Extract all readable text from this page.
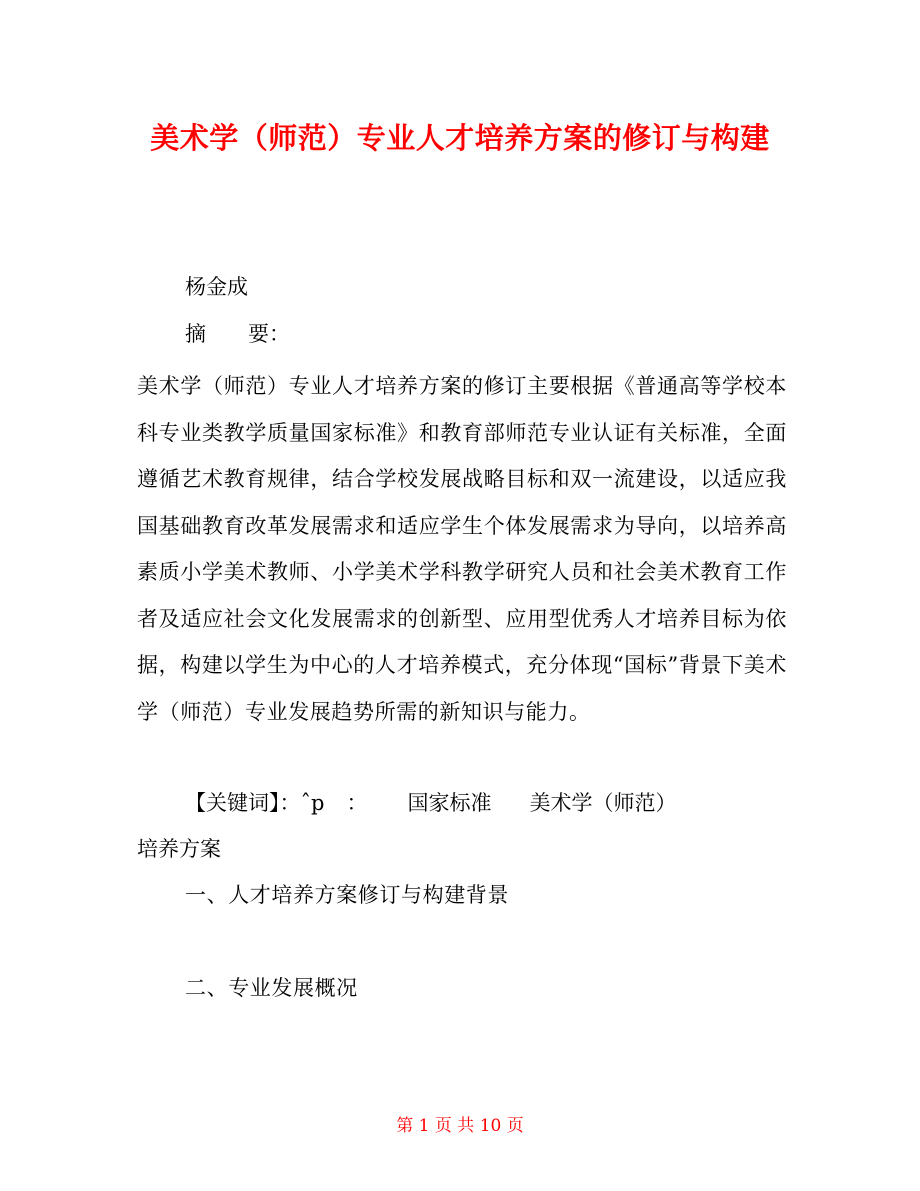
美术学（师范）专业人才培养方案的修订与构建
杨金成
摘　　要：
美术学（师范）专业人才培养方案的修订主要根据《普通高等学校本科专业类教学质量国家标准》和教育部师范专业认证有关标准，全面遵循艺术教育规律，结合学校发展战略目标和双一流建设，以适应我国基础教育改革发展需求和适应学生个体发展需求为导向，以培养高素质小学美术教师、小学美术学科教学研究人员和社会美术教育工作者及适应社会文化发展需求的创新型、应用型优秀人才培养目标为依据，构建以学生为中心的人才培养模式，充分体现“国标”背景下美术学（师范）专业发展趋势所需的新知识与能力。
【关键词】：ˆp ： 国家标准 美术学（师范）
培养方案
一、人才培养方案修订与构建背景
二、专业发展概况
第 1 页 共 10 页
